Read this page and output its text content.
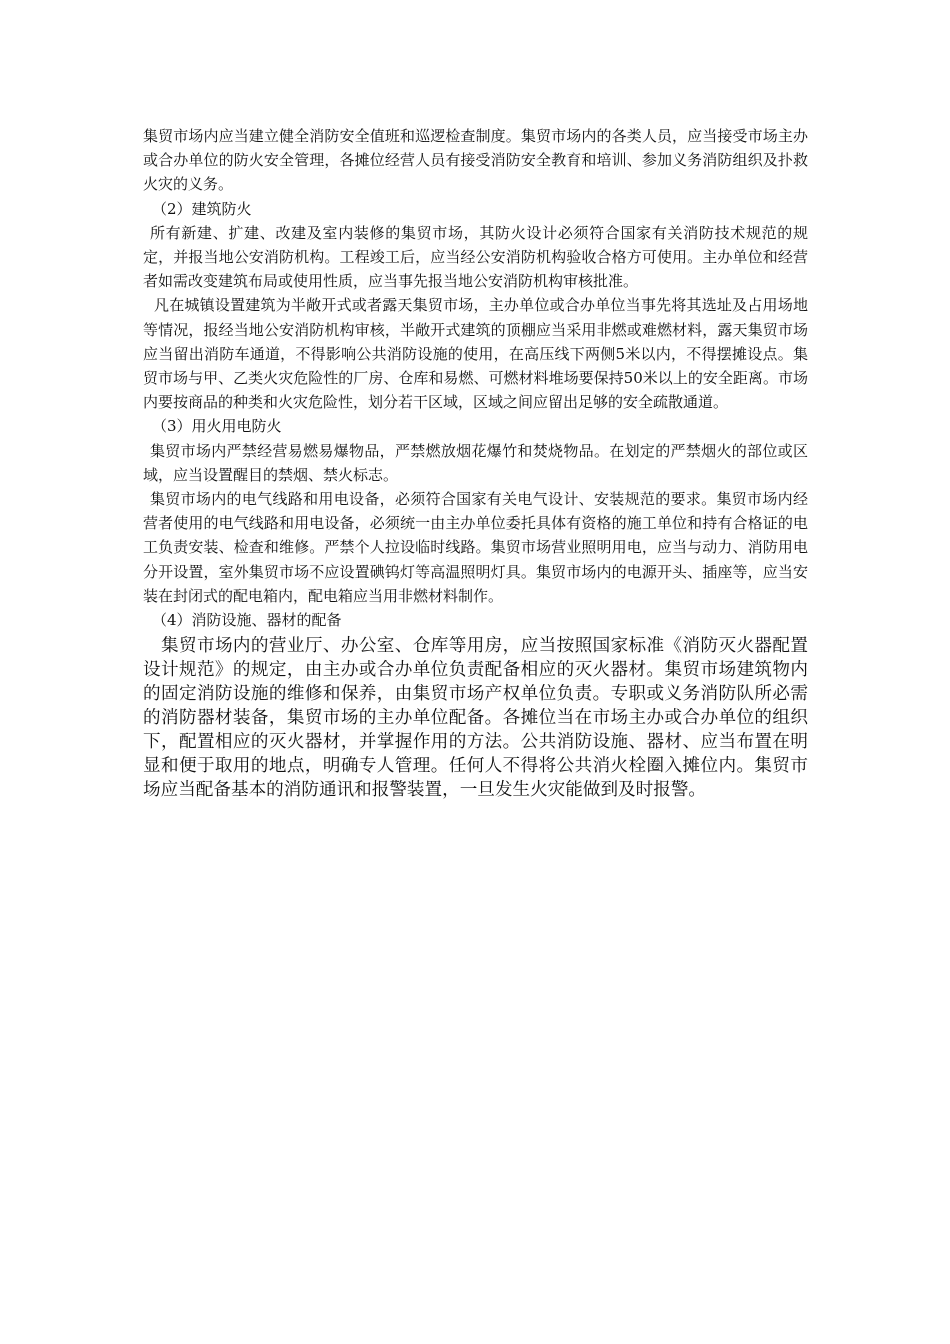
集贸市场内应当建立健全消防安全值班和巡逻检查制度。集贸市场内的各类人员，应当接受市场主办或合办单位的防火安全管理，各摊位经营人员有接受消防安全教育和培训、参加义务消防组织及扑救火灾的义务。

（2）建筑防火

所有新建、扩建、改建及室内装修的集贸市场，其防火设计必须符合国家有关消防技术规范的规定，并报当地公安消防机构。工程竣工后，应当经公安消防机构验收合格方可使用。主办单位和经营者如需改变建筑布局或使用性质，应当事先报当地公安消防机构审核批准。

凡在城镇设置建筑为半敞开式或者露天集贸市场，主办单位或合办单位当事先将其选址及占用场地等情况，报经当地公安消防机构审核，半敞开式建筑的顶棚应当采用非燃或难燃材料，露天集贸市场应当留出消防车通道，不得影响公共消防设施的使用，在高压线下两侧5米以内，不得摆摊设点。集贸市场与甲、乙类火灾危险性的厂房、仓库和易燃、可燃材料堆场要保持50米以上的安全距离。市场内要按商品的种类和火灾危险性，划分若干区域，区域之间应留出足够的安全疏散通道。

（3）用火用电防火

集贸市场内严禁经营易燃易爆物品，严禁燃放烟花爆竹和焚烧物品。在划定的严禁烟火的部位或区域，应当设置醒目的禁烟、禁火标志。

集贸市场内的电气线路和用电设备，必须符合国家有关电气设计、安装规范的要求。集贸市场内经营者使用的电气线路和用电设备，必须统一由主办单位委托具体有资格的施工单位和持有合格证的电工负责安装、检查和维修。严禁个人拉设临时线路。集贸市场营业照明用电，应当与动力、消防用电分开设置，室外集贸市场不应设置碘钨灯等高温照明灯具。集贸市场内的电源开头、插座等，应当安装在封闭式的配电箱内，配电箱应当用非燃材料制作。

（4）消防设施、器材的配备

集贸市场内的营业厅、办公室、仓库等用房，应当按照国家标准《消防灭火器配置设计规范》的规定，由主办或合办单位负责配备相应的灭火器材。集贸市场建筑物内的固定消防设施的维修和保养，由集贸市场产权单位负责。专职或义务消防队所必需的消防器材装备，集贸市场的主办单位配备。各摊位当在市场主办或合办单位的组织下，配置相应的灭火器材，并掌握作用的方法。公共消防设施、器材、应当布置在明显和便于取用的地点，明确专人管理。任何人不得将公共消火栓圈入摊位内。集贸市场应当配备基本的消防通讯和报警装置，一旦发生火灾能做到及时报警。
